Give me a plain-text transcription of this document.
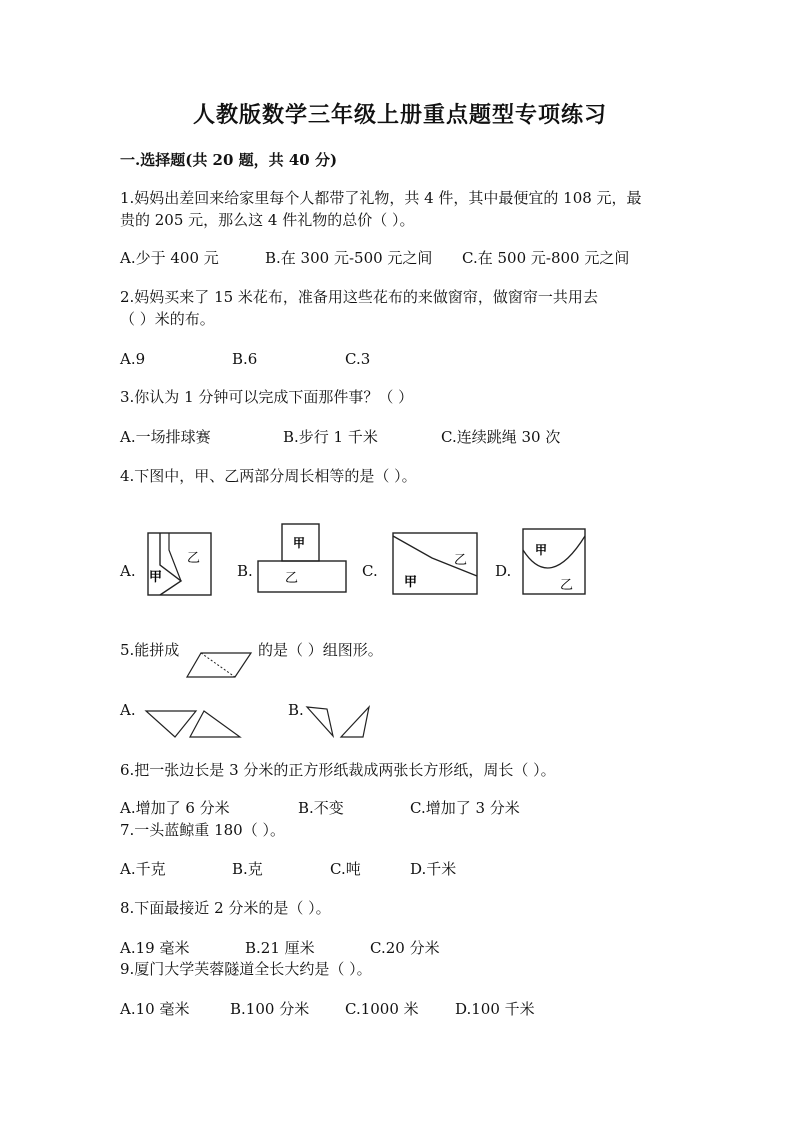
人教版数学三年级上册重点题型专项练习
一.选择题(共 20 题，共 40 分)
1.妈妈出差回来给家里每个人都带了礼物，共 4 件，其中最便宜的 108 元，最
贵的 205 元，那么这 4 件礼物的总价（ ）。
A.少于 400 元	B.在 300 元-500 元之间 C.在 500 元-800 元之间
2.妈妈买来了 15 米花布，准备用这些花布的来做窗帘，做窗帘一共用去
（ ）米的布。
A.9	B.6	C.3
3.你认为 1 分钟可以完成下面那件事？（ ）
A.一场排球赛	B.步行 1 千米	C.连续跳绳 30 次
4.下图中，甲、乙两部分周长相等的是（ ）。
A.	B.	C.	D.
甲
乙
甲
乙	甲
乙
甲
乙
5.能拼成	的是（ ）组图形。
A.	B.
6.把一张边长是 3 分米的正方形纸裁成两张长方形纸，周长（ ）。
A.增加了 6 分米	B.不变	C.增加了 3 分米
7.一头蓝鲸重 180（ ）。
A.千克	B.克	C.吨	D.千米
8.下面最接近 2 分米的是（ ）。
A.19 毫米	B.21 厘米	C.20 分米
9.厦门大学芙蓉隧道全长大约是（ ）。
A.10 毫米	B.100 分米 C.1000 米 D.100 千米
